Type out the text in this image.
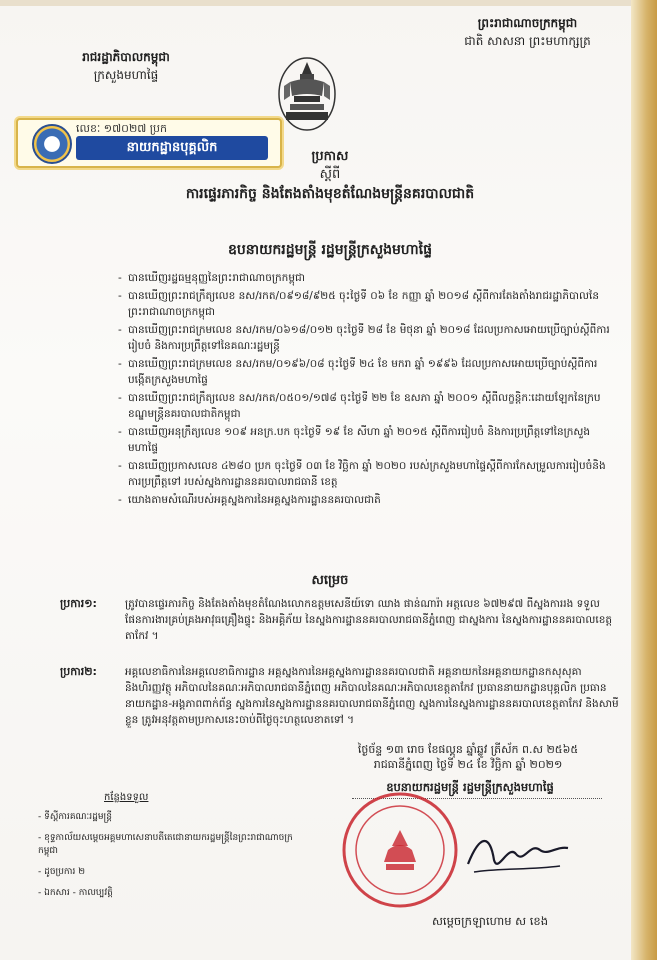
ព្រះរាជាណាចក្រកម្ពុជា
ជាតិ សាសនា ព្រះមហាក្សត្រ
រាជរដ្ឋាភិបាលកម្ពុជា
ក្រសួងមហាផ្ទៃ
លេខៈ ១៧០២៧ ប្រក
នាយកដ្ឋានបុគ្គលិក
ប្រកាស
ស្តីពី
ការផ្ទេរភារកិច្ច និងតែងតាំងមុខតំណែងមន្ត្រីនគរបាលជាតិ
ឧបនាយករដ្ឋមន្ត្រី រដ្ឋមន្ត្រីក្រសួងមហាផ្ទៃ
- បានឃើញរដ្ឋធម្មនុញ្ញនៃព្រះរាជាណាចក្រកម្ពុជា
- បានឃើញព្រះរាជក្រឹត្យលេខ នស/រកត/០៩១៨/៩២៥ ចុះថ្ងៃទី ០៦ ខែ កញ្ញា ឆ្នាំ ២០១៨ ស្តីពីការតែងតាំងរាជរដ្ឋាភិបាលនៃព្រះរាជាណាចក្រកម្ពុជា
- បានឃើញព្រះរាជក្រមលេខ នស/រកម/០៦១៨/០១២ ចុះថ្ងៃទី ២៨ ខែ មិថុនា ឆ្នាំ ២០១៨ ដែលប្រកាសអោយប្រើច្បាប់ស្តីពីការរៀបចំ និងការប្រព្រឹត្តទៅនៃគណៈរដ្ឋមន្ត្រី
- បានឃើញព្រះរាជក្រមលេខ នស/រកម/០១៩៦/០៨ ចុះថ្ងៃទី ២៤ ខែ មករា ឆ្នាំ ១៩៩៦ ដែលប្រកាសអោយប្រើច្បាប់ស្តីពីការបង្កើតក្រសួងមហាផ្ទៃ
- បានឃើញព្រះរាជក្រឹត្យលេខ នស/រកត/០៥០១/១៧៨ ចុះថ្ងៃទី ២២ ខែ ឧសភា ឆ្នាំ ២០០១ ស្តីពីលក្ខន្តិកៈដោយឡែកនៃក្របខណ្ឌមន្ត្រីនគរបាលជាតិកម្ពុជា
- បានឃើញអនុក្រឹត្យលេខ ១០៩ អនក្រ.បក ចុះថ្ងៃទី ១៩ ខែ សីហា ឆ្នាំ ២០១៥ ស្តីពីការរៀបចំ និងការប្រព្រឹត្តទៅនៃក្រសួងមហាផ្ទៃ
- បានឃើញប្រកាសលេខ ៤២៨០ ប្រក ចុះថ្ងៃទី ០៣ ខែ វិច្ឆិកា ឆ្នាំ ២០២០ របស់ក្រសួងមហាផ្ទៃស្តីពីការកែសម្រួលការរៀបចំនិងការប្រព្រឹត្តទៅ របស់ស្នងការដ្ឋាននគរបាលរាជធានី ខេត្ត
- យោងតាមសំណើរបស់អគ្គស្នងការនៃអគ្គស្នងការដ្ឋាននគរបាលជាតិ
សម្រេច
ប្រការ១:	ត្រូវបានផ្ទេរភារកិច្ច និងតែងតាំងមុខតំណែងលោកឧត្តមសេនីយ៍ទោ ឈាង ផាន់ណារ៉ា អត្តលេខ ៦៧២៩៧ ពីស្នងការរង ទទួលផែនការងារគ្រប់គ្រងអាវុធគ្រឿងផ្ទុះ និងអគ្គិភ័យ នៃស្នងការដ្ឋាននគរបាលរាជធានីភ្នំពេញ ជាស្នងការ នៃស្នងការដ្ឋាននគរបាលខេត្តតាកែវ ។
ប្រការ២:	អគ្គលេខាធិការនៃអគ្គលេខាធិការដ្ឋាន អគ្គស្នងការនៃអគ្គស្នងការដ្ឋាននគរបាលជាតិ អគ្គនាយកនៃអគ្គនាយកដ្ឋានកសុសុគា និងហិរញ្ញវត្ថុ អភិបាលនៃគណៈអភិបាលរាជធានីភ្នំពេញ អភិបាលនៃគណៈអភិបាលខេត្តតាកែវ ប្រធាននាយកដ្ឋានបុគ្គលិក ប្រធាននាយកដ្ឋាន-អង្គភាពពាក់ព័ន្ធ ស្នងការនៃស្នងការដ្ឋាននគរបាលរាជធានីភ្នំពេញ ស្នងការនៃស្នងការដ្ឋាននគរបាលខេត្តតាកែវ និងសាមីខ្លួន ត្រូវអនុវត្តតាមប្រកាសនេះចាប់ពីថ្ងៃចុះហត្ថលេខាតទៅ ។
ថ្ងៃច័ន្ទ ១៣ រោច ខែផល្គុន ឆ្នាំឆ្លូវ ត្រីស័ក ព.ស ២៥៦៥
រាជធានីភ្នំពេញ ថ្ងៃទី ២៤ ខែ វិច្ឆិកា ឆ្នាំ ២០២១
ឧបនាយករដ្ឋមន្ត្រី រដ្ឋមន្ត្រីក្រសួងមហាផ្ទៃ
សម្តេចក្រឡាហោម ស ខេង
កន្លែងទទួល
- ទីស្តីការគណៈរដ្ឋមន្ត្រី
- ខុទ្ទកាល័យសម្តេចអគ្គមហាសេនាបតីតេជោនាយករដ្ឋមន្ត្រីនៃព្រះរាជាណាចក្រកម្ពុជា
- ដូចប្រការ ២
- ឯកសារ - កាលប្បវត្តិ
